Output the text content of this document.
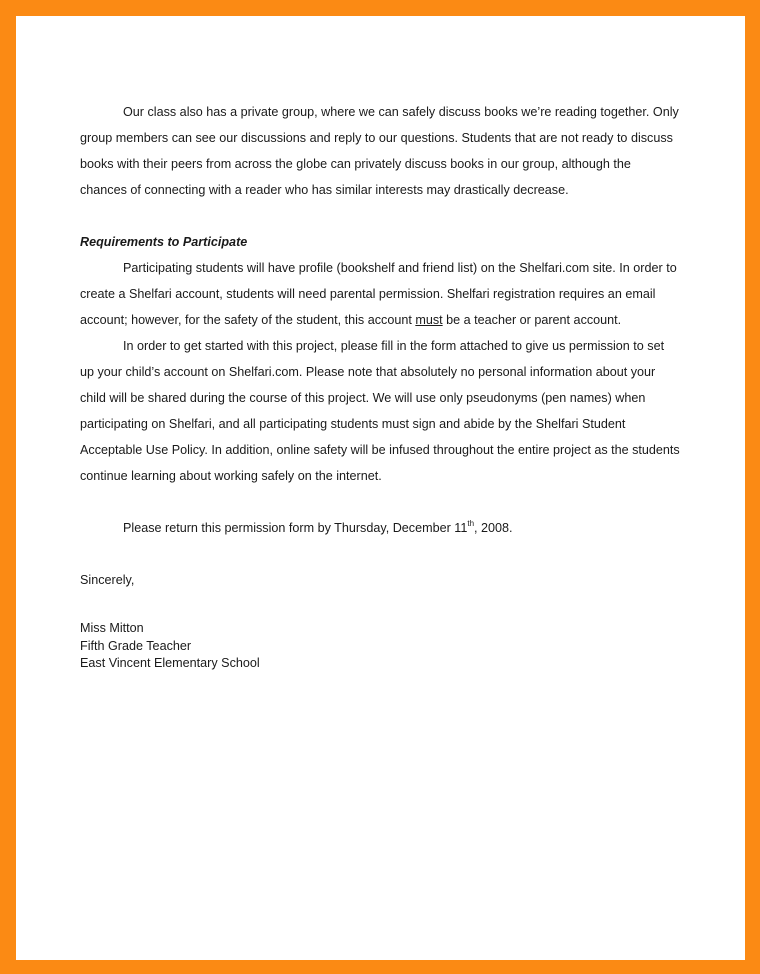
Our class also has a private group, where we can safely discuss books we’re reading together. Only group members can see our discussions and reply to our questions. Students that are not ready to discuss books with their peers from across the globe can privately discuss books in our group, although the chances of connecting with a reader who has similar interests may drastically decrease.

Requirements to Participate

Participating students will have profile (bookshelf and friend list) on the Shelfari.com site. In order to create a Shelfari account, students will need parental permission. Shelfari registration requires an email account; however, for the safety of the student, this account must be a teacher or parent account.

In order to get started with this project, please fill in the form attached to give us permission to set up your child’s account on Shelfari.com. Please note that absolutely no personal information about your child will be shared during the course of this project. We will use only pseudonyms (pen names) when participating on Shelfari, and all participating students must sign and abide by the Shelfari Student Acceptable Use Policy. In addition, online safety will be infused throughout the entire project as the students continue learning about working safely on the internet.

Please return this permission form by Thursday, December 11th, 2008.

Sincerely,

Miss Mitton
Fifth Grade Teacher
East Vincent Elementary School
